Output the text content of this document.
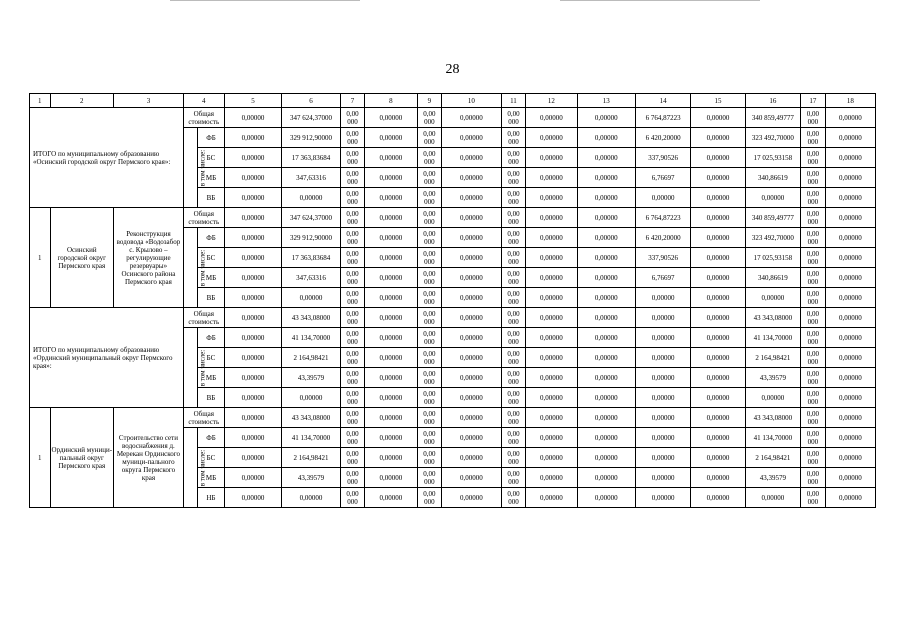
28
1	2	3	4		5	6	7	8	9	10	11	12	13	14	15	16	17	18
ИТОГО по муниципальному образованию «Осинский городской округ Пермского края»:			Общая стоимость		0,00000	347 624,37000	0,00 000	0,00000	0,00 000	0,00000	0,00 000	0,00000	0,00000	6 764,87223	0,00000	340 859,49777	0,00 000	0,00000
			в том числе:	ФБ	0,00000	329 912,90000	0,00 000	0,00000	0,00 000	0,00000	0,00 000	0,00000	0,00000	6 420,20000	0,00000	323 492,70000	0,00 000	0,00000
				БС	0,00000	17 363,83684	0,00 000	0,00000	0,00 000	0,00000	0,00 000	0,00000	0,00000	337,90526	0,00000	17 025,93158	0,00 000	0,00000
				МБ	0,00000	347,63316	0,00 000	0,00000	0,00 000	0,00000	0,00 000	0,00000	0,00000	6,76697	0,00000	340,86619	0,00 000	0,00000
				ВБ	0,00000	0,00000	0,00 000	0,00000	0,00 000	0,00000	0,00 000	0,00000	0,00000	0,00000	0,00000	0,00000	0,00 000	0,00000
1	Осинский городской округ Пермского края	Реконструкция водовода «Водозабор с. Крылово – регулирующие резервуары» Осинского района Пермского края	Общая стоимость		0,00000	347 624,37000	0,00 000	0,00000	0,00 000	0,00000	0,00 000	0,00000	0,00000	6 764,87223	0,00000	340 859,49777	0,00 000	0,00000
			в том числе:	ФБ	0,00000	329 912,90000	0,00 000	0,00000	0,00 000	0,00000	0,00 000	0,00000	0,00000	6 420,20000	0,00000	323 492,70000	0,00 000	0,00000
				БС	0,00000	17 363,83684	0,00 000	0,00000	0,00 000	0,00000	0,00 000	0,00000	0,00000	337,90526	0,00000	17 025,93158	0,00 000	0,00000
				МБ	0,00000	347,63316	0,00 000	0,00000	0,00 000	0,00000	0,00 000	0,00000	0,00000	6,76697	0,00000	340,86619	0,00 000	0,00000
				ВБ	0,00000	0,00000	0,00 000	0,00000	0,00 000	0,00000	0,00 000	0,00000	0,00000	0,00000	0,00000	0,00000	0,00 000	0,00000
ИТОГО по муниципальному образованию «Ординский муниципальный округ Пермского края»:			Общая стоимость		0,00000	43 343,08000	0,00 000	0,00000	0,00 000	0,00000	0,00 000	0,00000	0,00000	0,00000	0,00000	43 343,08000	0,00 000	0,00000
			в том числе:	ФБ	0,00000	41 134,70000	0,00 000	0,00000	0,00 000	0,00000	0,00 000	0,00000	0,00000	0,00000	0,00000	41 134,70000	0,00 000	0,00000
				БС	0,00000	2 164,98421	0,00 000	0,00000	0,00 000	0,00000	0,00 000	0,00000	0,00000	0,00000	0,00000	2 164,98421	0,00 000	0,00000
				МБ	0,00000	43,39579	0,00 000	0,00000	0,00 000	0,00000	0,00 000	0,00000	0,00000	0,00000	0,00000	43,39579	0,00 000	0,00000
				ВБ	0,00000	0,00000	0,00 000	0,00000	0,00 000	0,00000	0,00 000	0,00000	0,00000	0,00000	0,00000	0,00000	0,00 000	0,00000
1	Ординский муници-пальный округ Пермского края	Строительство сети водоснабжения д. Мерекан Ординского муници-пального округа Пермского края	Общая стоимость		0,00000	43 343,08000	0,00 000	0,00000	0,00 000	0,00000	0,00 000	0,00000	0,00000	0,00000	0,00000	43 343,08000	0,00 000	0,00000
			в том числе:	ФБ	0,00000	41 134,70000	0,00 000	0,00000	0,00 000	0,00000	0,00 000	0,00000	0,00000	0,00000	0,00000	41 134,70000	0,00 000	0,00000
				БС	0,00000	2 164,98421	0,00 000	0,00000	0,00 000	0,00000	0,00 000	0,00000	0,00000	0,00000	0,00000	2 164,98421	0,00 000	0,00000
				МБ	0,00000	43,39579	0,00 000	0,00000	0,00 000	0,00000	0,00 000	0,00000	0,00000	0,00000	0,00000	43,39579	0,00 000	0,00000
				НБ	0,00000	0,00000	0,00 000	0,00000	0,00 000	0,00000	0,00 000	0,00000	0,00000	0,00000	0,00000	0,00000	0,00 000	0,00000
